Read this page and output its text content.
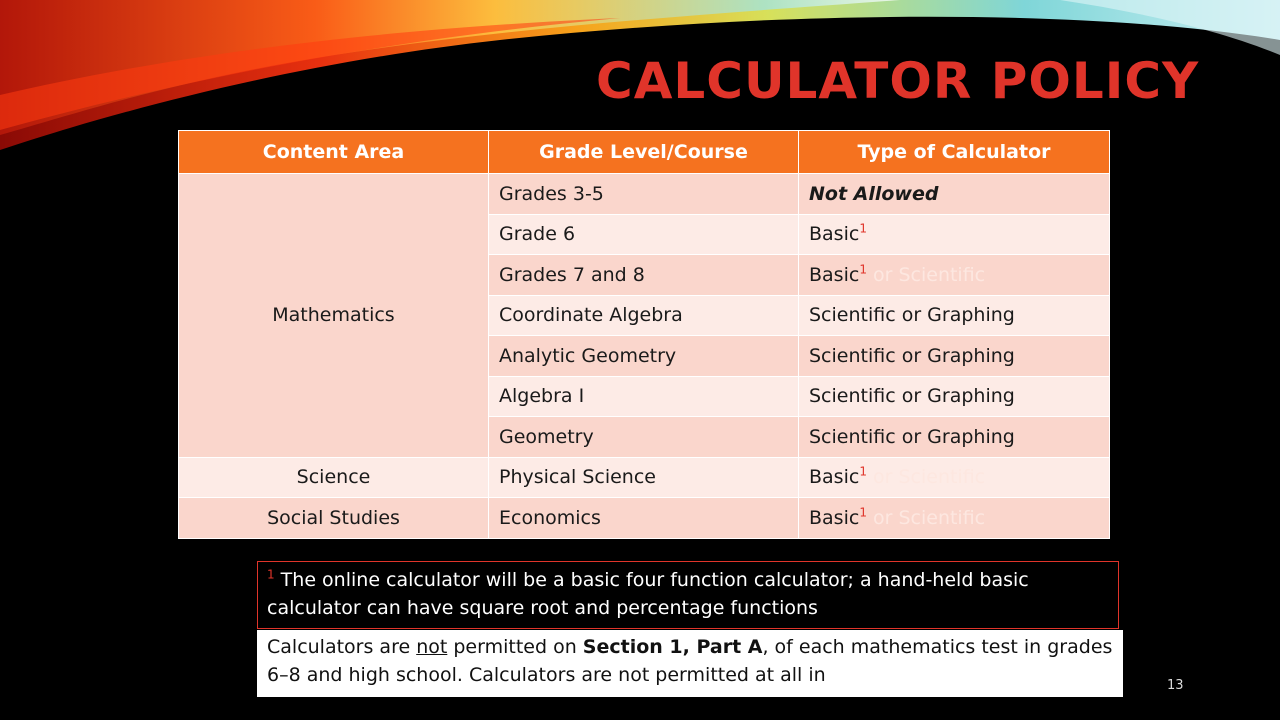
CALCULATOR POLICY
Content Area	Grade Level/Course	Type of Calculator
Mathematics	Grades 3-5	Not Allowed
	Grade 6	Basic$^1$
	Grades 7 and 8	Basic$^1$ or Scientific
	Coordinate Algebra	Scientific or Graphing
	Analytic Geometry	Scientific or Graphing
	Algebra I	Scientific or Graphing
	Geometry	Scientific or Graphing
Science	Physical Science	Basic$^1$ or Scientific
Social Studies	Economics	Basic$^1$ or Scientific
$^1$ The online calculator will be a basic four function calculator; a hand-held basic calculator can have square root and percentage functions
Calculators are not permitted on Section 1, Part A, of each mathematics test in grades 6–8 and high school. Calculators are not permitted at all in	13
